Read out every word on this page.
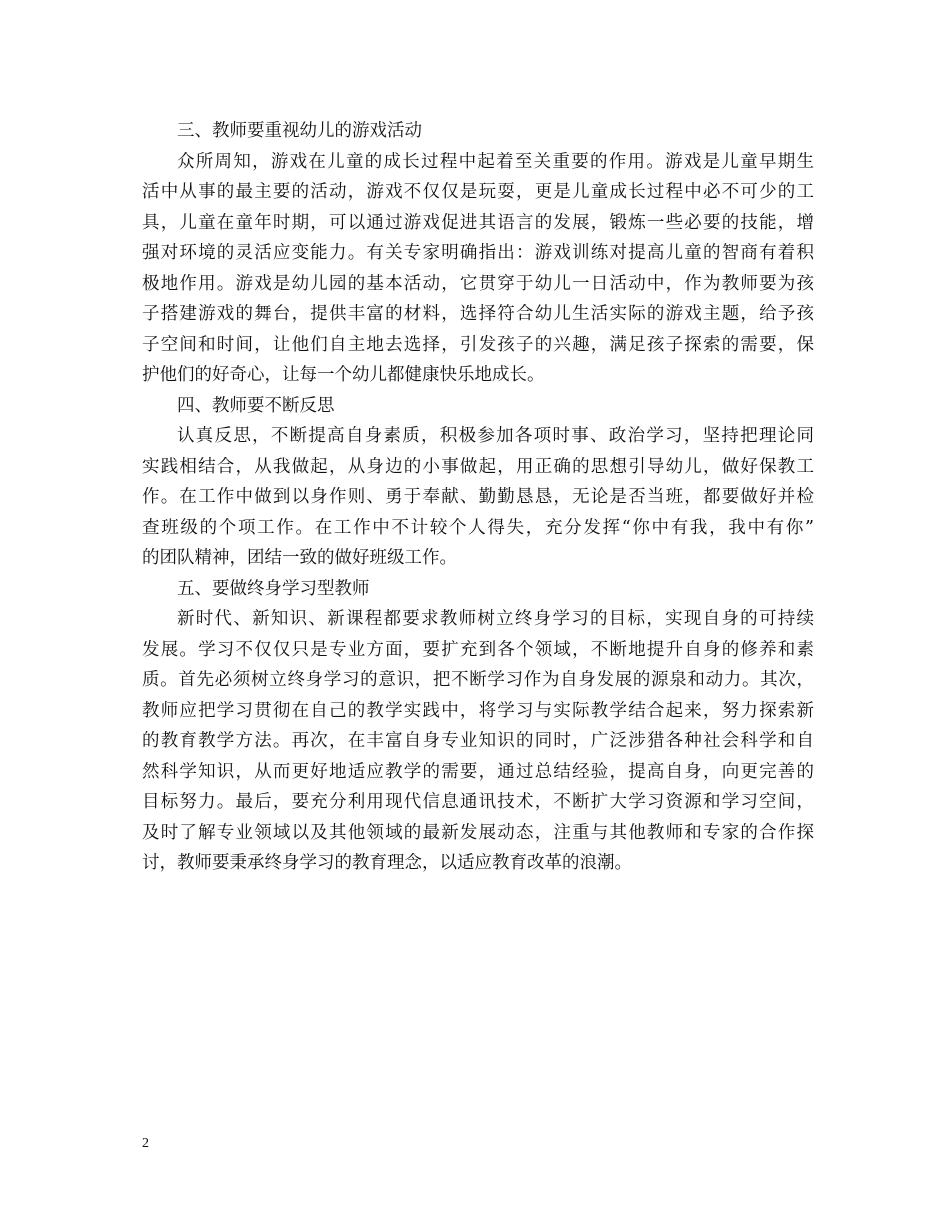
三、教师要重视幼儿的游戏活动
众所周知，游戏在儿童的成长过程中起着至关重要的作用。游戏是儿童早期生
活中从事的最主要的活动，游戏不仅仅是玩耍，更是儿童成长过程中必不可少的工
具，儿童在童年时期，可以通过游戏促进其语言的发展，锻炼一些必要的技能，增
强对环境的灵活应变能力。有关专家明确指出：游戏训练对提高儿童的智商有着积
极地作用。游戏是幼儿园的基本活动，它贯穿于幼儿一日活动中，作为教师要为孩
子搭建游戏的舞台，提供丰富的材料，选择符合幼儿生活实际的游戏主题，给予孩
子空间和时间，让他们自主地去选择，引发孩子的兴趣，满足孩子探索的需要，保
护他们的好奇心，让每一个幼儿都健康快乐地成长。
四、教师要不断反思
认真反思，不断提高自身素质，积极参加各项时事、政治学习，坚持把理论同
实践相结合，从我做起，从身边的小事做起，用正确的思想引导幼儿，做好保教工
作。在工作中做到以身作则、勇于奉献、勤勤恳恳，无论是否当班，都要做好并检
查班级的个项工作。在工作中不计较个人得失，充分发挥“你中有我，我中有你”
的团队精神，团结一致的做好班级工作。
五、要做终身学习型教师
新时代、新知识、新课程都要求教师树立终身学习的目标，实现自身的可持续
发展。学习不仅仅只是专业方面，要扩充到各个领域，不断地提升自身的修养和素
质。首先必须树立终身学习的意识，把不断学习作为自身发展的源泉和动力。其次，
教师应把学习贯彻在自己的教学实践中，将学习与实际教学结合起来，努力探索新
的教育教学方法。再次，在丰富自身专业知识的同时，广泛涉猎各种社会科学和自
然科学知识，从而更好地适应教学的需要，通过总结经验，提高自身，向更完善的
目标努力。最后，要充分利用现代信息通讯技术，不断扩大学习资源和学习空间，
及时了解专业领域以及其他领域的最新发展动态，注重与其他教师和专家的合作探
讨，教师要秉承终身学习的教育理念，以适应教育改革的浪潮。
2
